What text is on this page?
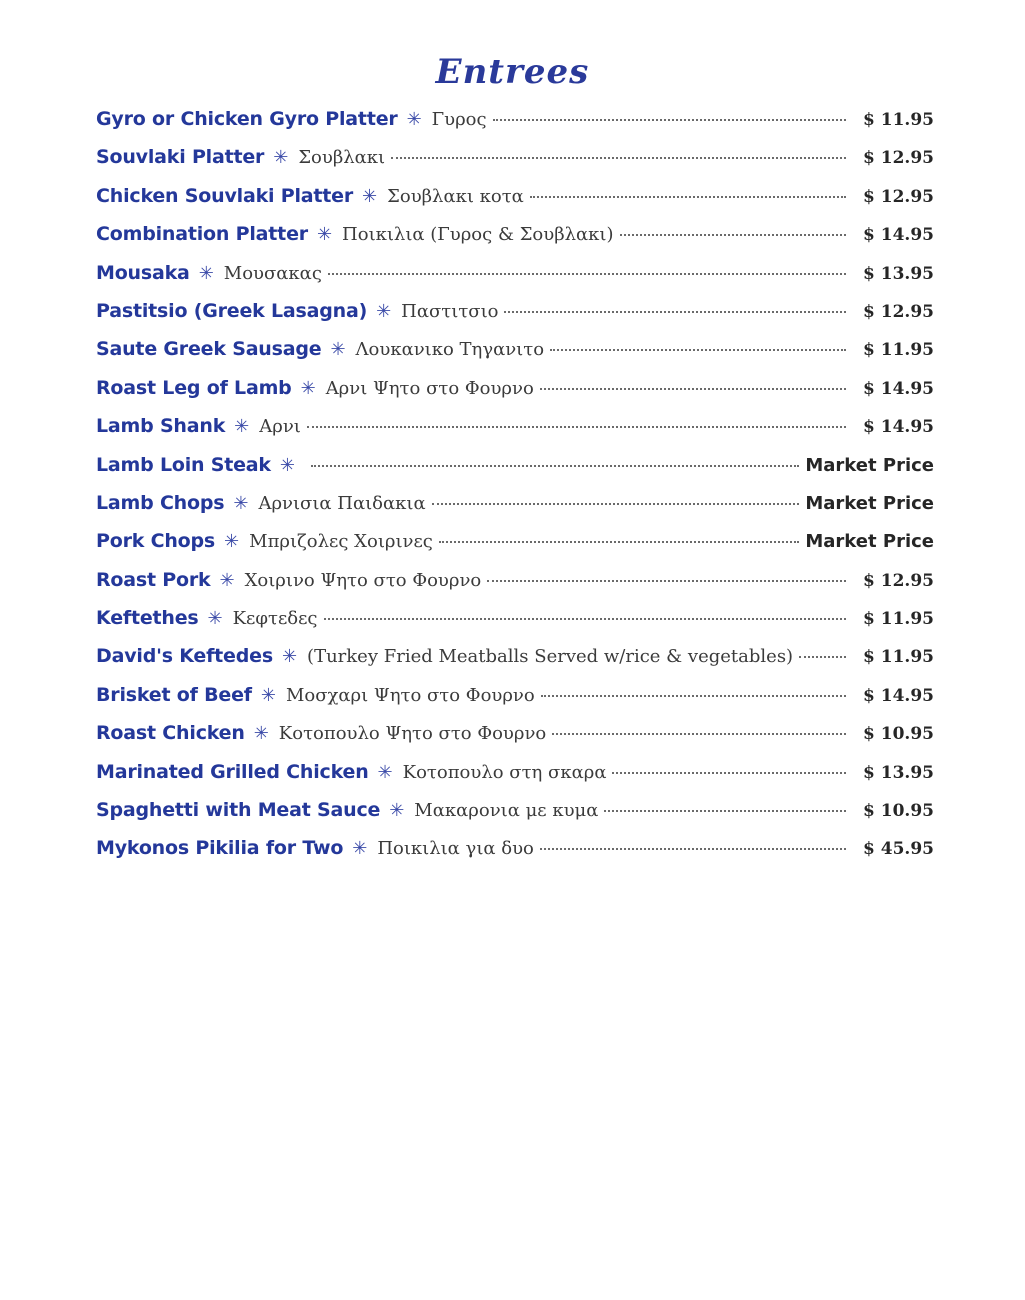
Entrees
Gyro or Chicken Gyro Platter ✳ Γυρος	$ 11.95
Souvlaki Platter ✳ Σουβλακι	$ 12.95
Chicken Souvlaki Platter ✳ Σουβλακι κοτα	$ 12.95
Combination Platter ✳ Ποικιλια (Γυρος & Σουβλακι)	$ 14.95
Mousaka ✳ Μουσακας	$ 13.95
Pastitsio (Greek Lasagna) ✳ Παστιτσιο	$ 12.95
Saute Greek Sausage ✳ Λουκανικο Τηγανιτο	$ 11.95
Roast Leg of Lamb ✳ Αρνι Ψητο στο Φουρνο	$ 14.95
Lamb Shank ✳ Αρνι	$ 14.95
Lamb Loin Steak ✳	Market Price
Lamb Chops ✳ Αρνισια Παιδακια	Market Price
Pork Chops ✳ Μπριζολες Χοιρινες	Market Price
Roast Pork ✳ Χοιρινο Ψητο στο Φουρνο	$ 12.95
Keftethes ✳ Κεφτεδες	$ 11.95
David's Keftedes ✳ (Turkey Fried Meatballs Served w/rice & vegetables)	$ 11.95
Brisket of Beef ✳ Μοσχαρι Ψητο στο Φουρνο	$ 14.95
Roast Chicken ✳ Κοτοπουλο Ψητο στο Φουρνο	$ 10.95
Marinated Grilled Chicken ✳ Κοτοπουλο στη σκαρα	$ 13.95
Spaghetti with Meat Sauce ✳ Μακαρονια με κυμα	$ 10.95
Mykonos Pikilia for Two ✳ Ποικιλια για δυο	$ 45.95
